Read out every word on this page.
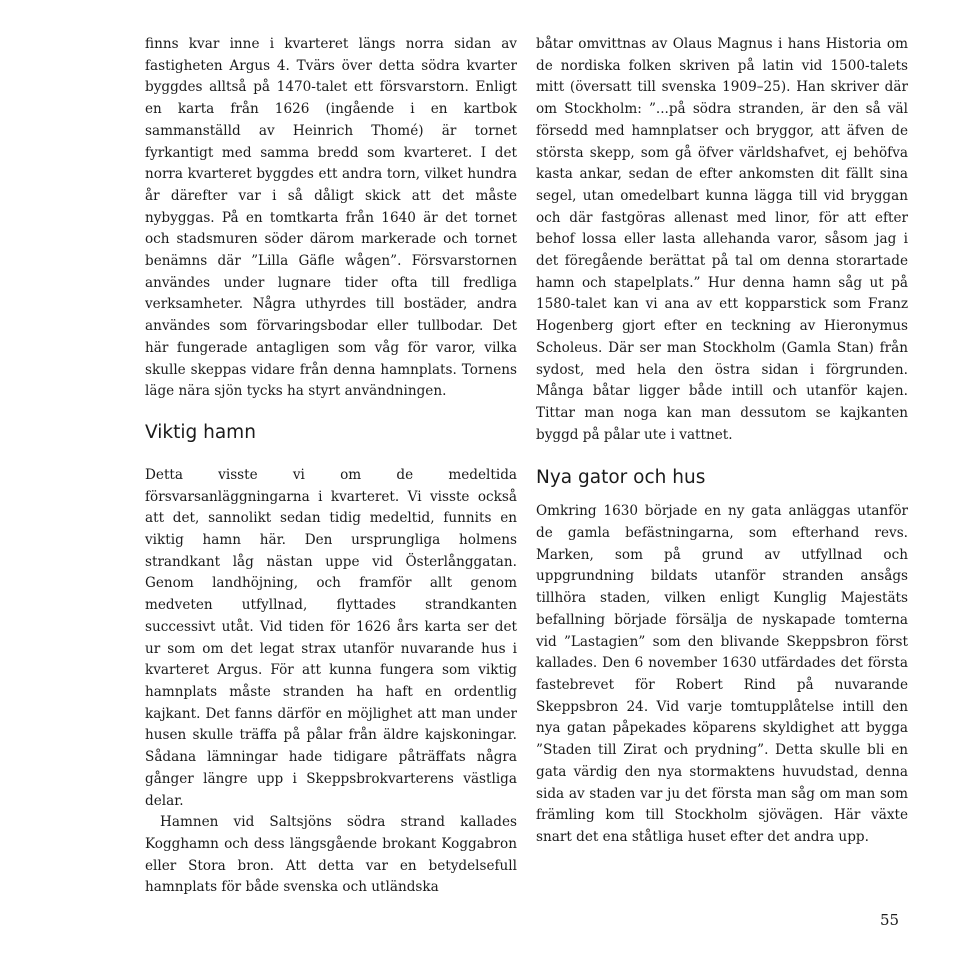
finns kvar inne i kvarteret längs norra sidan av fastigheten Argus 4. Tvärs över detta södra kvarter byggdes alltså på 1470-talet ett försvarstorn. Enligt en karta från 1626 (ingående i en kartbok sammanställd av Heinrich Thomé) är tornet fyrkantigt med samma bredd som kvarteret. I det norra kvarteret byggdes ett andra torn, vilket hundra år därefter var i så dåligt skick att det måste nybyggas. På en tomtkarta från 1640 är det tornet och stadsmuren söder därom markerade och tornet benämns där ”Lilla Gäfle wågen”. Försvarstornen användes under lugnare tider ofta till fredliga verksamheter. Några uthyrdes till bostäder, andra användes som förvaringsbodar eller tullbodar. Det här fungerade antagligen som våg för varor, vilka skulle skeppas vidare från denna hamnplats. Tornens läge nära sjön tycks ha styrt användningen.

Viktig hamn

Detta visste vi om de medeltida försvarsanläggningarna i kvarteret. Vi visste också att det, sannolikt sedan tidig medeltid, funnits en viktig hamn här. Den ursprungliga holmens strandkant låg nästan uppe vid Österlånggatan. Genom landhöjning, och framför allt genom medveten utfyllnad, flyttades strandkanten successivt utåt. Vid tiden för 1626 års karta ser det ur som om det legat strax utanför nuvarande hus i kvarteret Argus. För att kunna fungera som viktig hamnplats måste stranden ha haft en ordentlig kajkant. Det fanns därför en möjlighet att man under husen skulle träffa på pålar från äldre kajskoningar. Sådana lämningar hade tidigare påträffats några gånger längre upp i Skeppsbrokvarterens västliga delar.

Hamnen vid Saltsjöns södra strand kallades Kogghamn och dess längsgående brokant Koggabron eller Stora bron. Att detta var en betydelsefull hamnplats för både svenska och utländska

båtar omvittnas av Olaus Magnus i hans Historia om de nordiska folken skriven på latin vid 1500-talets mitt (översatt till svenska 1909–25). Han skriver där om Stockholm: ”...på södra stranden, är den så väl försedd med hamnplatser och bryggor, att äfven de största skepp, som gå öfver världshafvet, ej behöfva kasta ankar, sedan de efter ankomsten dit fällt sina segel, utan omedelbart kunna lägga till vid bryggan och där fastgöras allenast med linor, för att efter behof lossa eller lasta allehanda varor, såsom jag i det föregående berättat på tal om denna storartade hamn och stapelplats.” Hur denna hamn såg ut på 1580-talet kan vi ana av ett kopparstick som Franz Hogenberg gjort efter en teckning av Hieronymus Scholeus. Där ser man Stockholm (Gamla Stan) från sydost, med hela den östra sidan i förgrunden. Många båtar ligger både intill och utanför kajen. Tittar man noga kan man dessutom se kajkanten byggd på pålar ute i vattnet.

Nya gator och hus

Omkring 1630 började en ny gata anläggas utanför de gamla befästningarna, som efterhand revs. Marken, som på grund av utfyllnad och uppgrundning bildats utanför stranden ansågs tillhöra staden, vilken enligt Kunglig Majestäts befallning började försälja de nyskapade tomterna vid ”Lastagien” som den blivande Skeppsbron först kallades. Den 6 november 1630 utfärdades det första fastebrevet för Robert Rind på nuvarande Skeppsbron 24. Vid varje tomtupplåtelse intill den nya gatan påpekades köparens skyldighet att bygga ”Staden till Zirat och prydning”. Detta skulle bli en gata värdig den nya stormaktens huvudstad, denna sida av staden var ju det första man såg om man som främling kom till Stockholm sjövägen. Här växte snart det ena ståtliga huset efter det andra upp.

55
